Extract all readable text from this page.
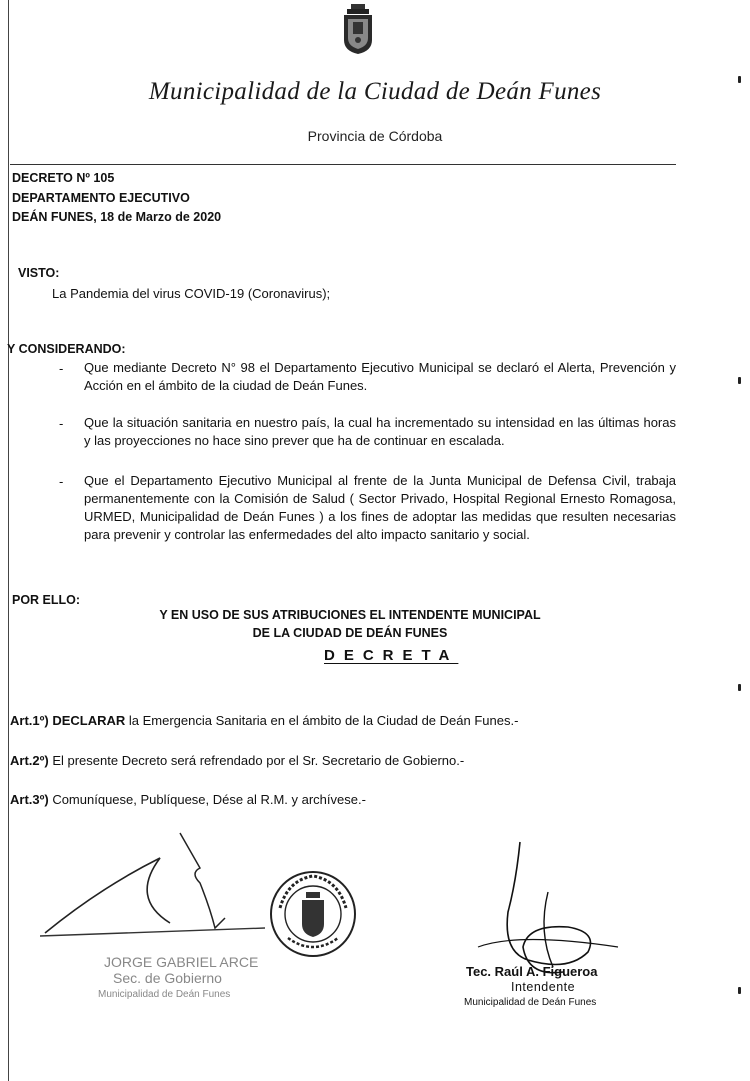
Municipalidad de la Ciudad de Deán Funes
Provincia de Córdoba
DECRETO Nº 105
DEPARTAMENTO EJECUTIVO
DEÁN FUNES, 18 de Marzo de 2020
VISTO:
La Pandemia del virus COVID-19 (Coronavirus);
Y CONSIDERANDO:
- Que mediante Decreto N° 98 el Departamento Ejecutivo Municipal se declaró el Alerta, Prevención y Acción en el ámbito de la ciudad de Deán Funes.
- Que la situación sanitaria en nuestro país, la cual ha incrementado su intensidad en las últimas horas y las proyecciones no hace sino prever que ha de continuar en escalada.
- Que el Departamento Ejecutivo Municipal al frente de la Junta Municipal de Defensa Civil, trabaja permanentemente con la Comisión de Salud ( Sector Privado, Hospital Regional Ernesto Romagosa, URMED, Municipalidad de Deán Funes ) a los fines de adoptar las medidas que resulten necesarias para prevenir y controlar las enfermedades del alto impacto sanitario y social.
POR ELLO:
Y EN USO DE SUS ATRIBUCIONES EL INTENDENTE MUNICIPAL
DE LA CIUDAD DE DEÁN FUNES
DECRETA
Art.1º) DECLARAR la Emergencia Sanitaria en el ámbito de la Ciudad de Deán Funes.-
Art.2º) El presente Decreto será refrendado por el Sr. Secretario de Gobierno.-
Art.3º) Comuníquese, Publíquese, Dése al R.M. y archívese.-
JORGE GABRIEL ARCE
Sec. de Gobierno
Municipalidad de Deán Funes
Tec. Raúl A. Figueroa
Intendente
Municipalidad de Deán Funes
